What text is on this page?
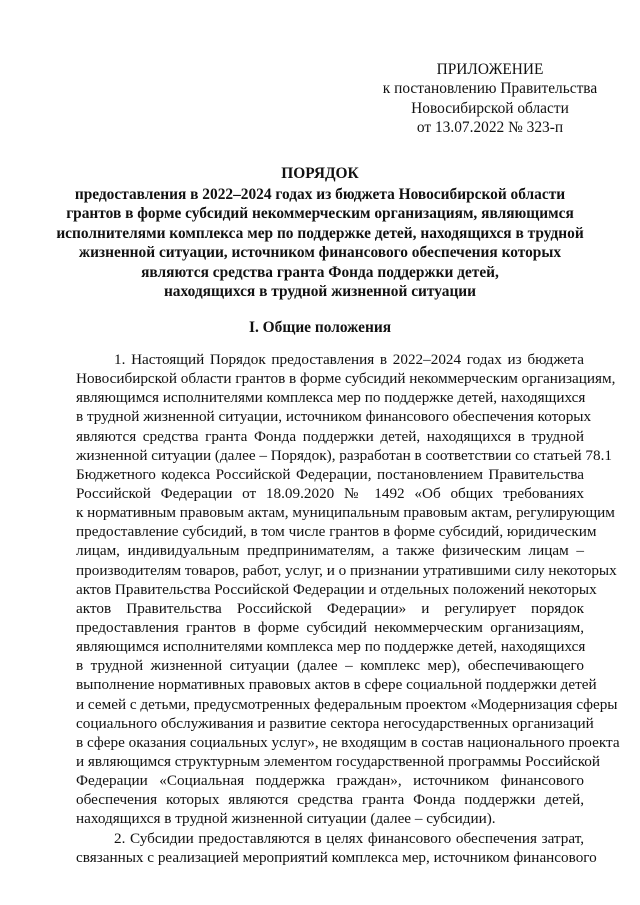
ПРИЛОЖЕНИЕ
к постановлению Правительства
Новосибирской области
от 13.07.2022 № 323-п
ПОРЯДОК
предоставления в 2022–2024 годах из бюджета Новосибирской области
грантов в форме субсидий некоммерческим организациям, являющимся
исполнителями комплекса мер по поддержке детей, находящихся в трудной
жизненной ситуации, источником финансового обеспечения которых
являются средства гранта Фонда поддержки детей,
находящихся в трудной жизненной ситуации
I. Общие положения
1. Настоящий Порядок предоставления в 2022–2024 годах из бюджета
Новосибирской области грантов в форме субсидий некоммерческим организациям,
являющимся исполнителями комплекса мер по поддержке детей, находящихся
в трудной жизненной ситуации, источником финансового обеспечения которых
являются средства гранта Фонда поддержки детей, находящихся в трудной
жизненной ситуации (далее – Порядок), разработан в соответствии со статьей 78.1
Бюджетного кодекса Российской Федерации, постановлением Правительства
Российской Федерации от 18.09.2020 № 1492 «Об общих требованиях
к нормативным правовым актам, муниципальным правовым актам, регулирующим
предоставление субсидий, в том числе грантов в форме субсидий, юридическим
лицам, индивидуальным предпринимателям, а также физическим лицам –
производителям товаров, работ, услуг, и о признании утратившими силу некоторых
актов Правительства Российской Федерации и отдельных положений некоторых
актов Правительства Российской Федерации» и регулирует порядок
предоставления грантов в форме субсидий некоммерческим организациям,
являющимся исполнителями комплекса мер по поддержке детей, находящихся
в трудной жизненной ситуации (далее – комплекс мер), обеспечивающего
выполнение нормативных правовых актов в сфере социальной поддержки детей
и семей с детьми, предусмотренных федеральным проектом «Модернизация сферы
социального обслуживания и развитие сектора негосударственных организаций
в сфере оказания социальных услуг», не входящим в состав национального проекта
и являющимся структурным элементом государственной программы Российской
Федерации «Социальная поддержка граждан», источником финансового
обеспечения которых являются средства гранта Фонда поддержки детей,
находящихся в трудной жизненной ситуации (далее – субсидии).
2. Субсидии предоставляются в целях финансового обеспечения затрат,
связанных с реализацией мероприятий комплекса мер, источником финансового
